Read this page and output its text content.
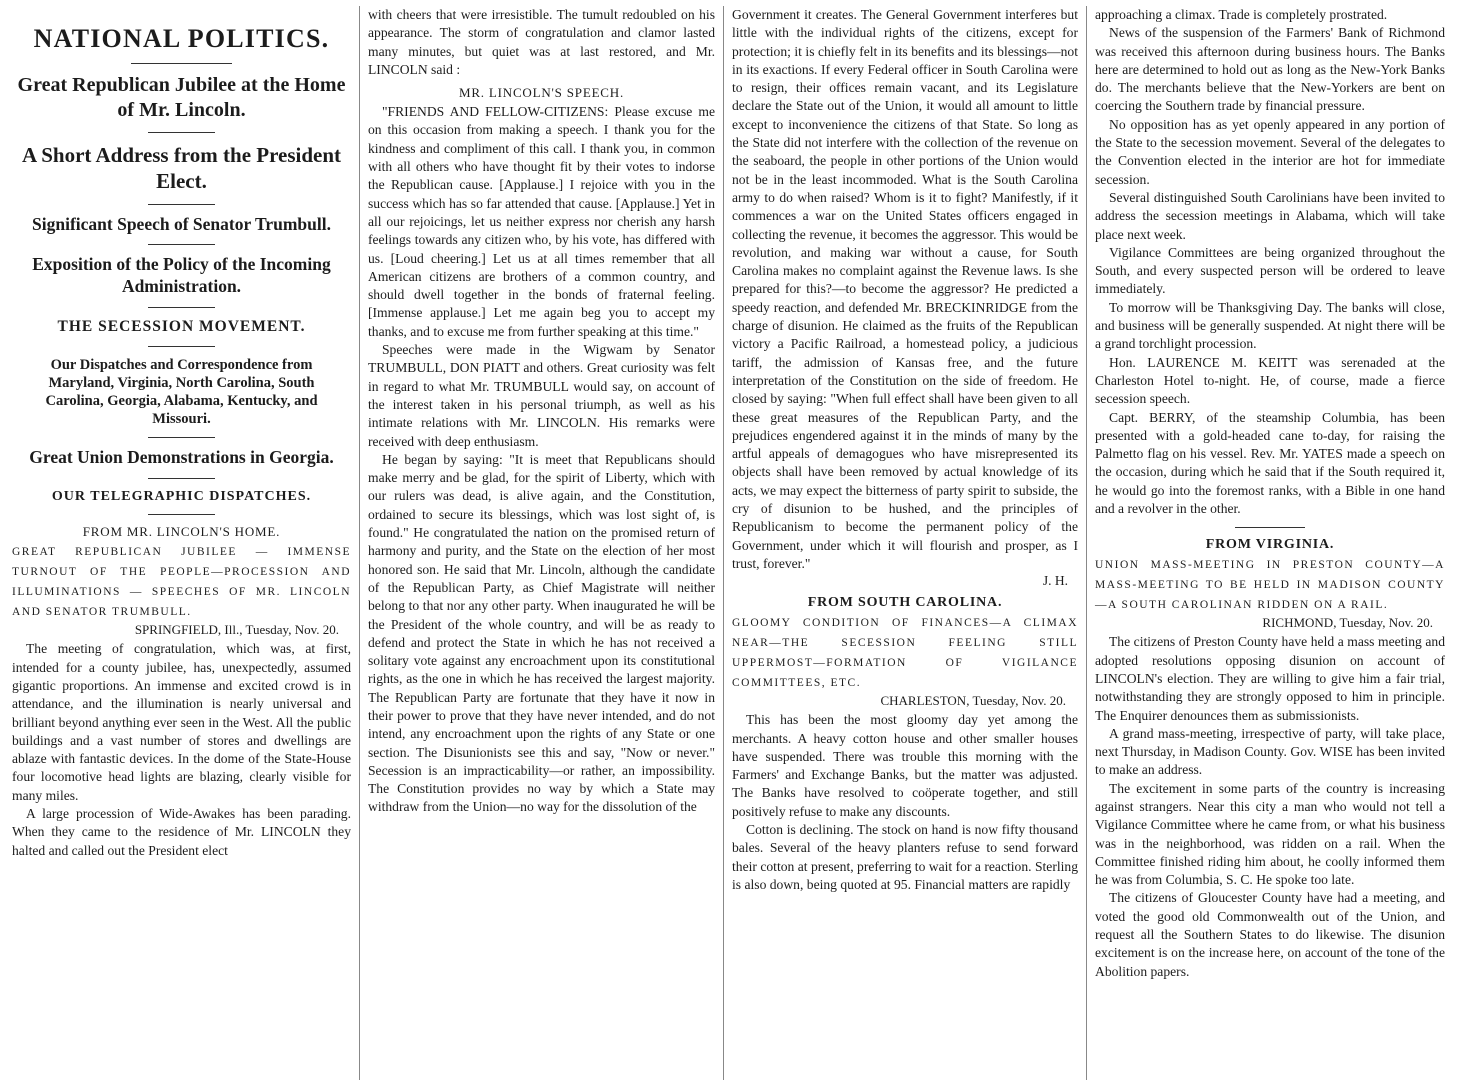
NATIONAL POLITICS.
Great Republican Jubilee at the Home of Mr. Lincoln.
A Short Address from the President Elect.
Significant Speech of Senator Trumbull.
Exposition of the Policy of the Incoming Administration.
THE SECESSION MOVEMENT.
Our Dispatches and Correspondence from Maryland, Virginia, North Carolina, South Carolina, Georgia, Alabama, Kentucky, and Missouri.
Great Union Demonstrations in Georgia.
OUR TELEGRAPHIC DISPATCHES.
FROM MR. LINCOLN'S HOME.

GREAT REPUBLICAN JUBILEE — IMMENSE TURNOUT OF THE PEOPLE—PROCESSION AND ILLUMINATIONS — SPEECHES OF MR. LINCOLN AND SENATOR TRUMBULL.

SPRINGFIELD, Ill., Tuesday, Nov. 20.

The meeting of congratulation, which was, at first, intended for a county jubilee, has, unexpectedly, assumed gigantic proportions. An immense and excited crowd is in attendance, and the illumination is nearly universal and brilliant beyond anything ever seen in the West. All the public buildings and a vast number of stores and dwellings are ablaze with fantastic devices. In the dome of the State-House four locomotive head lights are blazing, clearly visible for many miles.

A large procession of Wide-Awakes has been parading. When they came to the residence of Mr. LINCOLN they halted and called out the President elect

with cheers that were irresistible. The tumult redoubled on his appearance. The storm of congratulation and clamor lasted many minutes, but quiet was at last restored, and Mr. LINCOLN said :

MR. LINCOLN'S SPEECH.

"FRIENDS AND FELLOW-CITIZENS: Please excuse me on this occasion from making a speech. I thank you for the kindness and compliment of this call. I thank you, in common with all others who have thought fit by their votes to indorse the Republican cause. [Applause.] I rejoice with you in the success which has so far attended that cause. [Applause.] Yet in all our rejoicings, let us neither express nor cherish any harsh feelings towards any citizen who, by his vote, has differed with us. [Loud cheering.] Let us at all times remember that all American citizens are brothers of a common country, and should dwell together in the bonds of fraternal feeling. [Immense applause.] Let me again beg you to accept my thanks, and to excuse me from further speaking at this time."

Speeches were made in the Wigwam by Senator TRUMBULL, DON PIATT and others. Great curiosity was felt in regard to what Mr. TRUMBULL would say, on account of the interest taken in his personal triumph, as well as his intimate relations with Mr. LINCOLN. His remarks were received with deep enthusiasm.

He began by saying: "It is meet that Republicans should make merry and be glad, for the spirit of Liberty, which with our rulers was dead, is alive again, and the Constitution, ordained to secure its blessings, which was lost sight of, is found." He congratulated the nation on the promised return of harmony and purity, and the State on the election of her most honored son. He said that Mr. Lincoln, although the candidate of the Republican Party, as Chief Magistrate will neither belong to that nor any other party. When inaugurated he will be the President of the whole country, and will be as ready to defend and protect the State in which he has not received a solitary vote against any encroachment upon its constitutional rights, as the one in which he has received the largest majority. The Republican Party are fortunate that they have it now in their power to prove that they have never intended, and do not intend, any encroachment upon the rights of any State or one section. The Disunionists see this and say, "Now or never." Secession is an impracticability—or rather, an impossibility. The Constitution provides no way by which a State may withdraw from the Union—no way for the dissolution of the

Government it creates. The General Government interferes but little with the individual rights of the citizens, except for protection; it is chiefly felt in its benefits and its blessings—not in its exactions. If every Federal officer in South Carolina were to resign, their offices remain vacant, and its Legislature declare the State out of the Union, it would all amount to little except to inconvenience the citizens of that State. So long as the State did not interfere with the collection of the revenue on the seaboard, the people in other portions of the Union would not be in the least incommoded. What is the South Carolina army to do when raised? Whom is it to fight? Manifestly, if it commences a war on the United States officers engaged in collecting the revenue, it becomes the aggressor. This would be revolution, and making war without a cause, for South Carolina makes no complaint against the Revenue laws. Is she prepared for this?—to become the aggressor? He predicted a speedy reaction, and defended Mr. BRECKINRIDGE from the charge of disunion. He claimed as the fruits of the Republican victory a Pacific Railroad, a homestead policy, a judicious tariff, the admission of Kansas free, and the future interpretation of the Constitution on the side of freedom. He closed by saying: "When full effect shall have been given to all these great measures of the Republican Party, and the prejudices engendered against it in the minds of many by the artful appeals of demagogues who have misrepresented its objects shall have been removed by actual knowledge of its acts, we may expect the bitterness of party spirit to subside, the cry of disunion to be hushed, and the principles of Republicanism to become the permanent policy of the Government, under which it will flourish and prosper, as I trust, forever."

J. H.
FROM SOUTH CAROLINA.

GLOOMY CONDITION OF FINANCES—A CLIMAX NEAR—THE SECESSION FEELING STILL UPPERMOST—FORMATION OF VIGILANCE COMMITTEES, ETC.

CHARLESTON, Tuesday, Nov. 20.

This has been the most gloomy day yet among the merchants. A heavy cotton house and other smaller houses have suspended. There was trouble this morning with the Farmers' and Exchange Banks, but the matter was adjusted. The Banks have resolved to coöperate together, and still positively refuse to make any discounts.

Cotton is declining. The stock on hand is now fifty thousand bales. Several of the heavy planters refuse to send forward their cotton at present, preferring to wait for a reaction. Sterling is also down, being quoted at 95. Financial matters are rapidly

approaching a climax. Trade is completely prostrated.

News of the suspension of the Farmers' Bank of Richmond was received this afternoon during business hours. The Banks here are determined to hold out as long as the New-York Banks do. The merchants believe that the New-Yorkers are bent on coercing the Southern trade by financial pressure.

No opposition has as yet openly appeared in any portion of the State to the secession movement. Several of the delegates to the Convention elected in the interior are hot for immediate secession.

Several distinguished South Carolinians have been invited to address the secession meetings in Alabama, which will take place next week.

Vigilance Committees are being organized throughout the South, and every suspected person will be ordered to leave immediately.

To morrow will be Thanksgiving Day. The banks will close, and business will be generally suspended. At night there will be a grand torchlight procession.

Hon. LAURENCE M. KEITT was serenaded at the Charleston Hotel to-night. He, of course, made a fierce secession speech.

Capt. BERRY, of the steamship Columbia, has been presented with a gold-headed cane to-day, for raising the Palmetto flag on his vessel. Rev. Mr. YATES made a speech on the occasion, during which he said that if the South required it, he would go into the foremost ranks, with a Bible in one hand and a revolver in the other.

FROM VIRGINIA.

UNION MASS-MEETING IN PRESTON COUNTY—A MASS-MEETING TO BE HELD IN MADISON COUNTY—A SOUTH CAROLINAN RIDDEN ON A RAIL.

RICHMOND, Tuesday, Nov. 20.

The citizens of Preston County have held a mass meeting and adopted resolutions opposing disunion on account of LINCOLN's election. They are willing to give him a fair trial, notwithstanding they are strongly opposed to him in principle. The Enquirer denounces them as submissionists.

A grand mass-meeting, irrespective of party, will take place, next Thursday, in Madison County. Gov. WISE has been invited to make an address.

The excitement in some parts of the country is increasing against strangers. Near this city a man who would not tell a Vigilance Committee where he came from, or what his business was in the neighborhood, was ridden on a rail. When the Committee finished riding him about, he coolly informed them he was from Columbia, S. C. He spoke too late.

The citizens of Gloucester County have had a meeting, and voted the good old Commonwealth out of the Union, and request all the Southern States to do likewise. The disunion excitement is on the increase here, on account of the tone of the Abolition papers.
